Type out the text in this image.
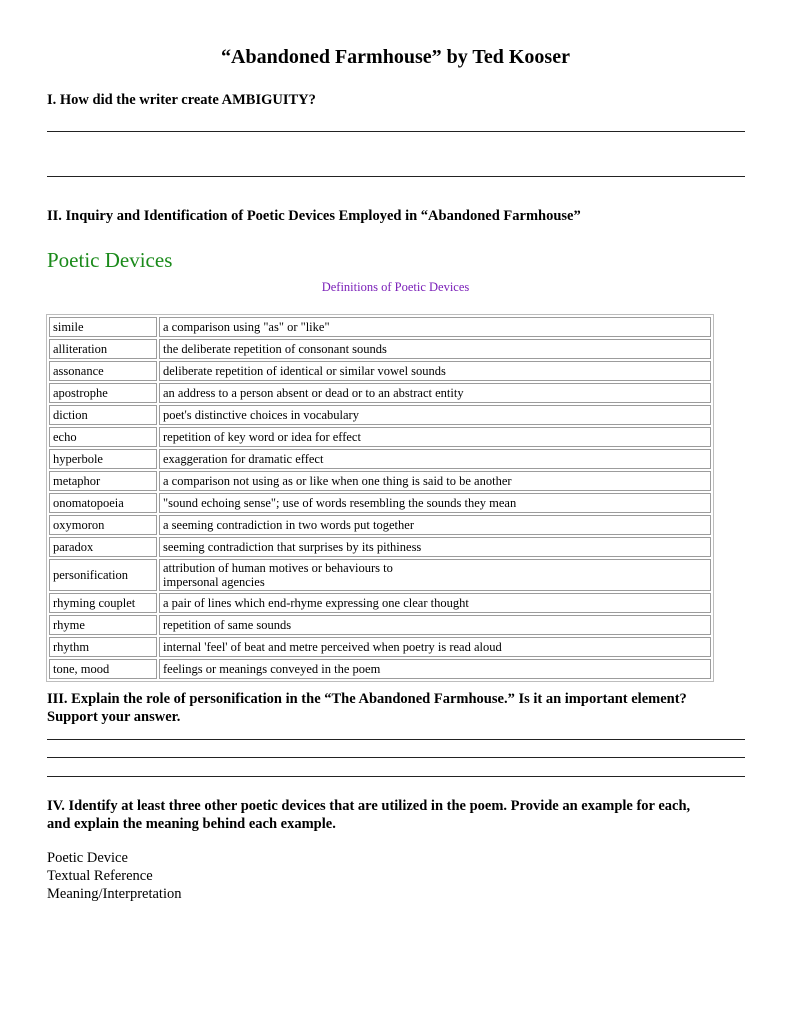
“Abandoned Farmhouse” by Ted Kooser
I. How did the writer create AMBIGUITY?
II. Inquiry and Identification of Poetic Devices Employed in “Abandoned Farmhouse”
Poetic Devices
Definitions of Poetic Devices
simile	a comparison using "as" or "like"
alliteration	the deliberate repetition of consonant sounds
assonance	deliberate repetition of identical or similar vowel sounds
apostrophe	an address to a person absent or dead or to an abstract entity
diction	poet's distinctive choices in vocabulary
echo	repetition of key word or idea for effect
hyperbole	exaggeration for dramatic effect
metaphor	a comparison not using as or like when one thing is said to be another
onomatopoeia	"sound echoing sense"; use of words resembling the sounds they mean
oxymoron	a seeming contradiction in two words put together
paradox	seeming contradiction that surprises by its pithiness
personification	attribution of human motives or behaviours to
impersonal agencies

rhyming couplet	a pair of lines which end-rhyme expressing one clear thought
rhyme	repetition of same sounds
rhythm	internal 'feel' of beat and metre perceived when poetry is read aloud
tone, mood	feelings or meanings conveyed in the poem
III. Explain the role of personification in the “The Abandoned Farmhouse.” Is it an important element?
Support your answer.
IV. Identify at least three other poetic devices that are utilized in the poem. Provide an example for each,
and explain the meaning behind each example.
Poetic Device
Textual Reference
Meaning/Interpretation
